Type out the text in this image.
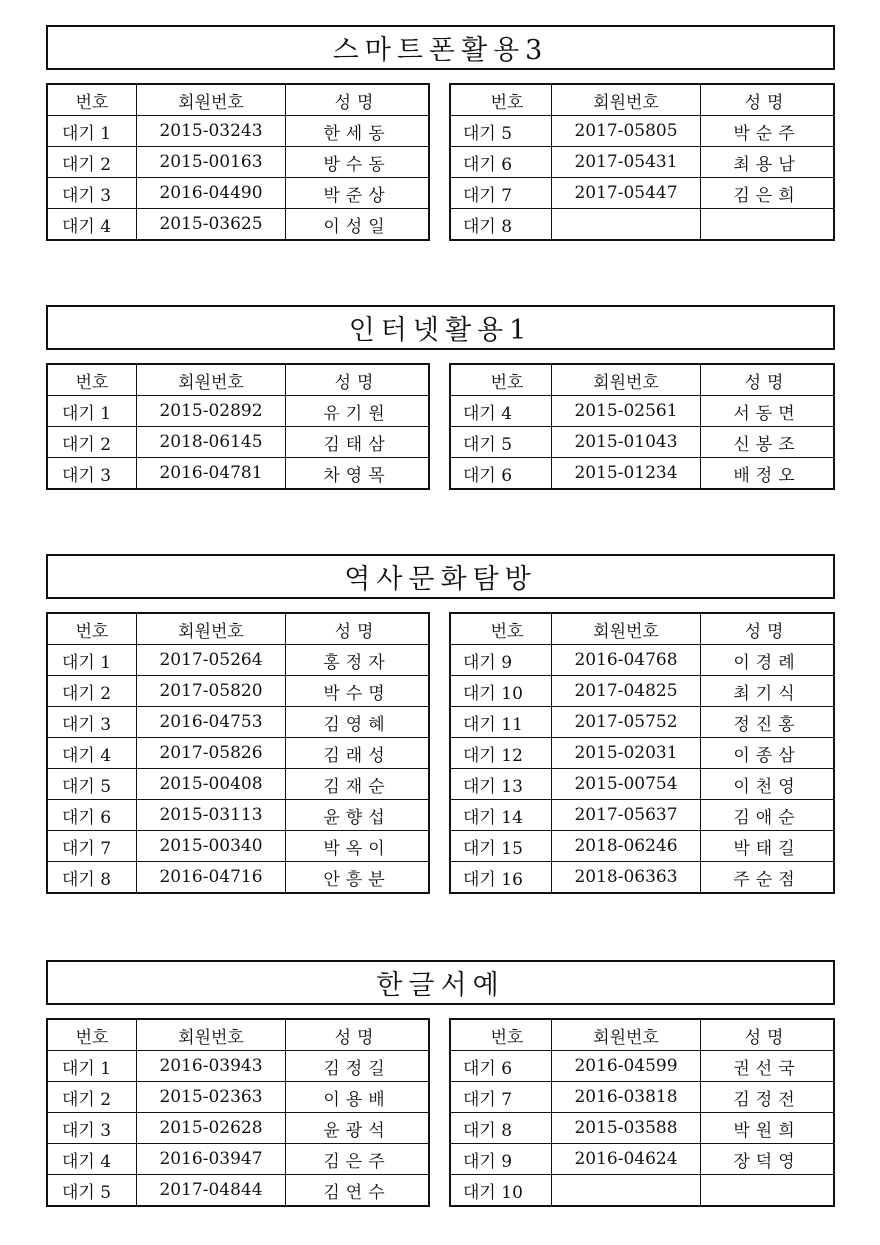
스마트폰활용3
번호	회원번호	성명
대기 1	2015-03243	한세동
대기 2	2015-00163	방수동
대기 3	2016-04490	박준상
대기 4	2015-03625	이성일
번호	회원번호	성명
대기 5	2017-05805	박순주
대기 6	2017-05431	최용남
대기 7	2017-05447	김은희
대기 8		
인터넷활용1
번호	회원번호	성명
대기 1	2015-02892	유기원
대기 2	2018-06145	김태삼
대기 3	2016-04781	차영목
번호	회원번호	성명
대기 4	2015-02561	서동면
대기 5	2015-01043	신봉조
대기 6	2015-01234	배정오
역사문화탐방
번호	회원번호	성명
대기 1	2017-05264	홍정자
대기 2	2017-05820	박수명
대기 3	2016-04753	김영혜
대기 4	2017-05826	김래성
대기 5	2015-00408	김재순
대기 6	2015-03113	윤향섭
대기 7	2015-00340	박옥이
대기 8	2016-04716	안흥분
번호	회원번호	성명
대기 9	2016-04768	이경례
대기 10	2017-04825	최기식
대기 11	2017-05752	정진홍
대기 12	2015-02031	이종삼
대기 13	2015-00754	이천영
대기 14	2017-05637	김애순
대기 15	2018-06246	박태길
대기 16	2018-06363	주순점
한글서예
번호	회원번호	성명
대기 1	2016-03943	김정길
대기 2	2015-02363	이용배
대기 3	2015-02628	윤광석
대기 4	2016-03947	김은주
대기 5	2017-04844	김연수
번호	회원번호	성명
대기 6	2016-04599	권선국
대기 7	2016-03818	김정전
대기 8	2015-03588	박원희
대기 9	2016-04624	장덕영
대기 10		
